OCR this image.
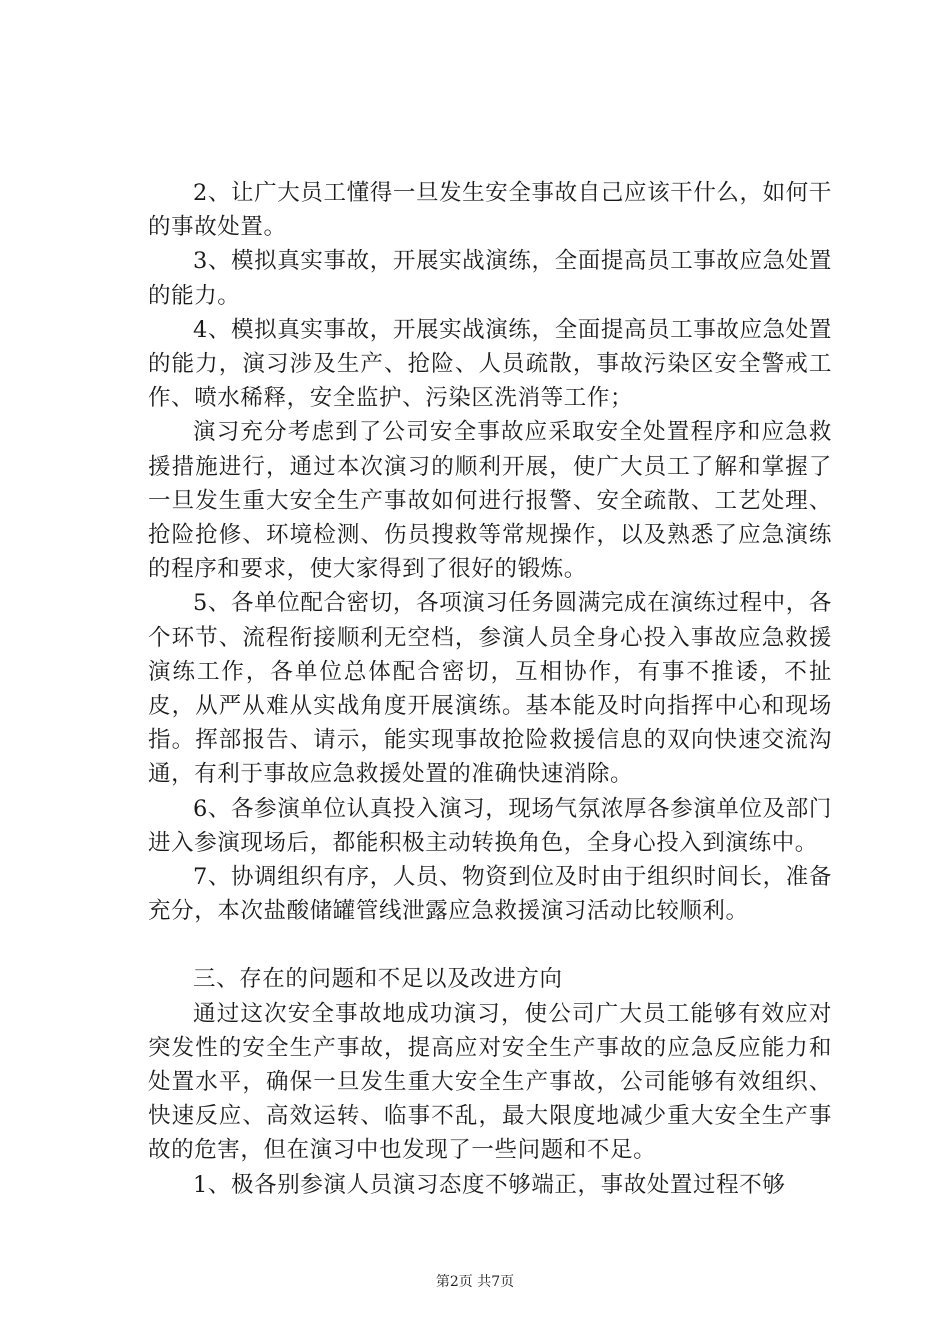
2、让广大员工懂得一旦发生安全事故自己应该干什么，如何干的事故处置。

3、模拟真实事故，开展实战演练，全面提高员工事故应急处置的能力。

4、模拟真实事故，开展实战演练，全面提高员工事故应急处置的能力，演习涉及生产、抢险、人员疏散，事故污染区安全警戒工作、喷水稀释，安全监护、污染区洗消等工作；

演习充分考虑到了公司安全事故应采取安全处置程序和应急救援措施进行，通过本次演习的顺利开展，使广大员工了解和掌握了一旦发生重大安全生产事故如何进行报警、安全疏散、工艺处理、抢险抢修、环境检测、伤员搜救等常规操作，以及熟悉了应急演练的程序和要求，使大家得到了很好的锻炼。

5、各单位配合密切，各项演习任务圆满完成在演练过程中，各个环节、流程衔接顺利无空档，参演人员全身心投入事故应急救援演练工作，各单位总体配合密切，互相协作，有事不推诿，不扯皮，从严从难从实战角度开展演练。基本能及时向指挥中心和现场指。挥部报告、请示，能实现事故抢险救援信息的双向快速交流沟通，有利于事故应急救援处置的准确快速消除。

6、各参演单位认真投入演习，现场气氛浓厚各参演单位及部门进入参演现场后，都能积极主动转换角色，全身心投入到演练中。

7、协调组织有序，人员、物资到位及时由于组织时间长，准备充分，本次盐酸储罐管线泄露应急救援演习活动比较顺利。

三、存在的问题和不足以及改进方向

通过这次安全事故地成功演习，使公司广大员工能够有效应对突发性的安全生产事故，提高应对安全生产事故的应急反应能力和处置水平，确保一旦发生重大安全生产事故，公司能够有效组织、快速反应、高效运转、临事不乱，最大限度地减少重大安全生产事故的危害，但在演习中也发现了一些问题和不足。

1、极各别参演人员演习态度不够端正，事故处置过程不够

第2页 共7页
